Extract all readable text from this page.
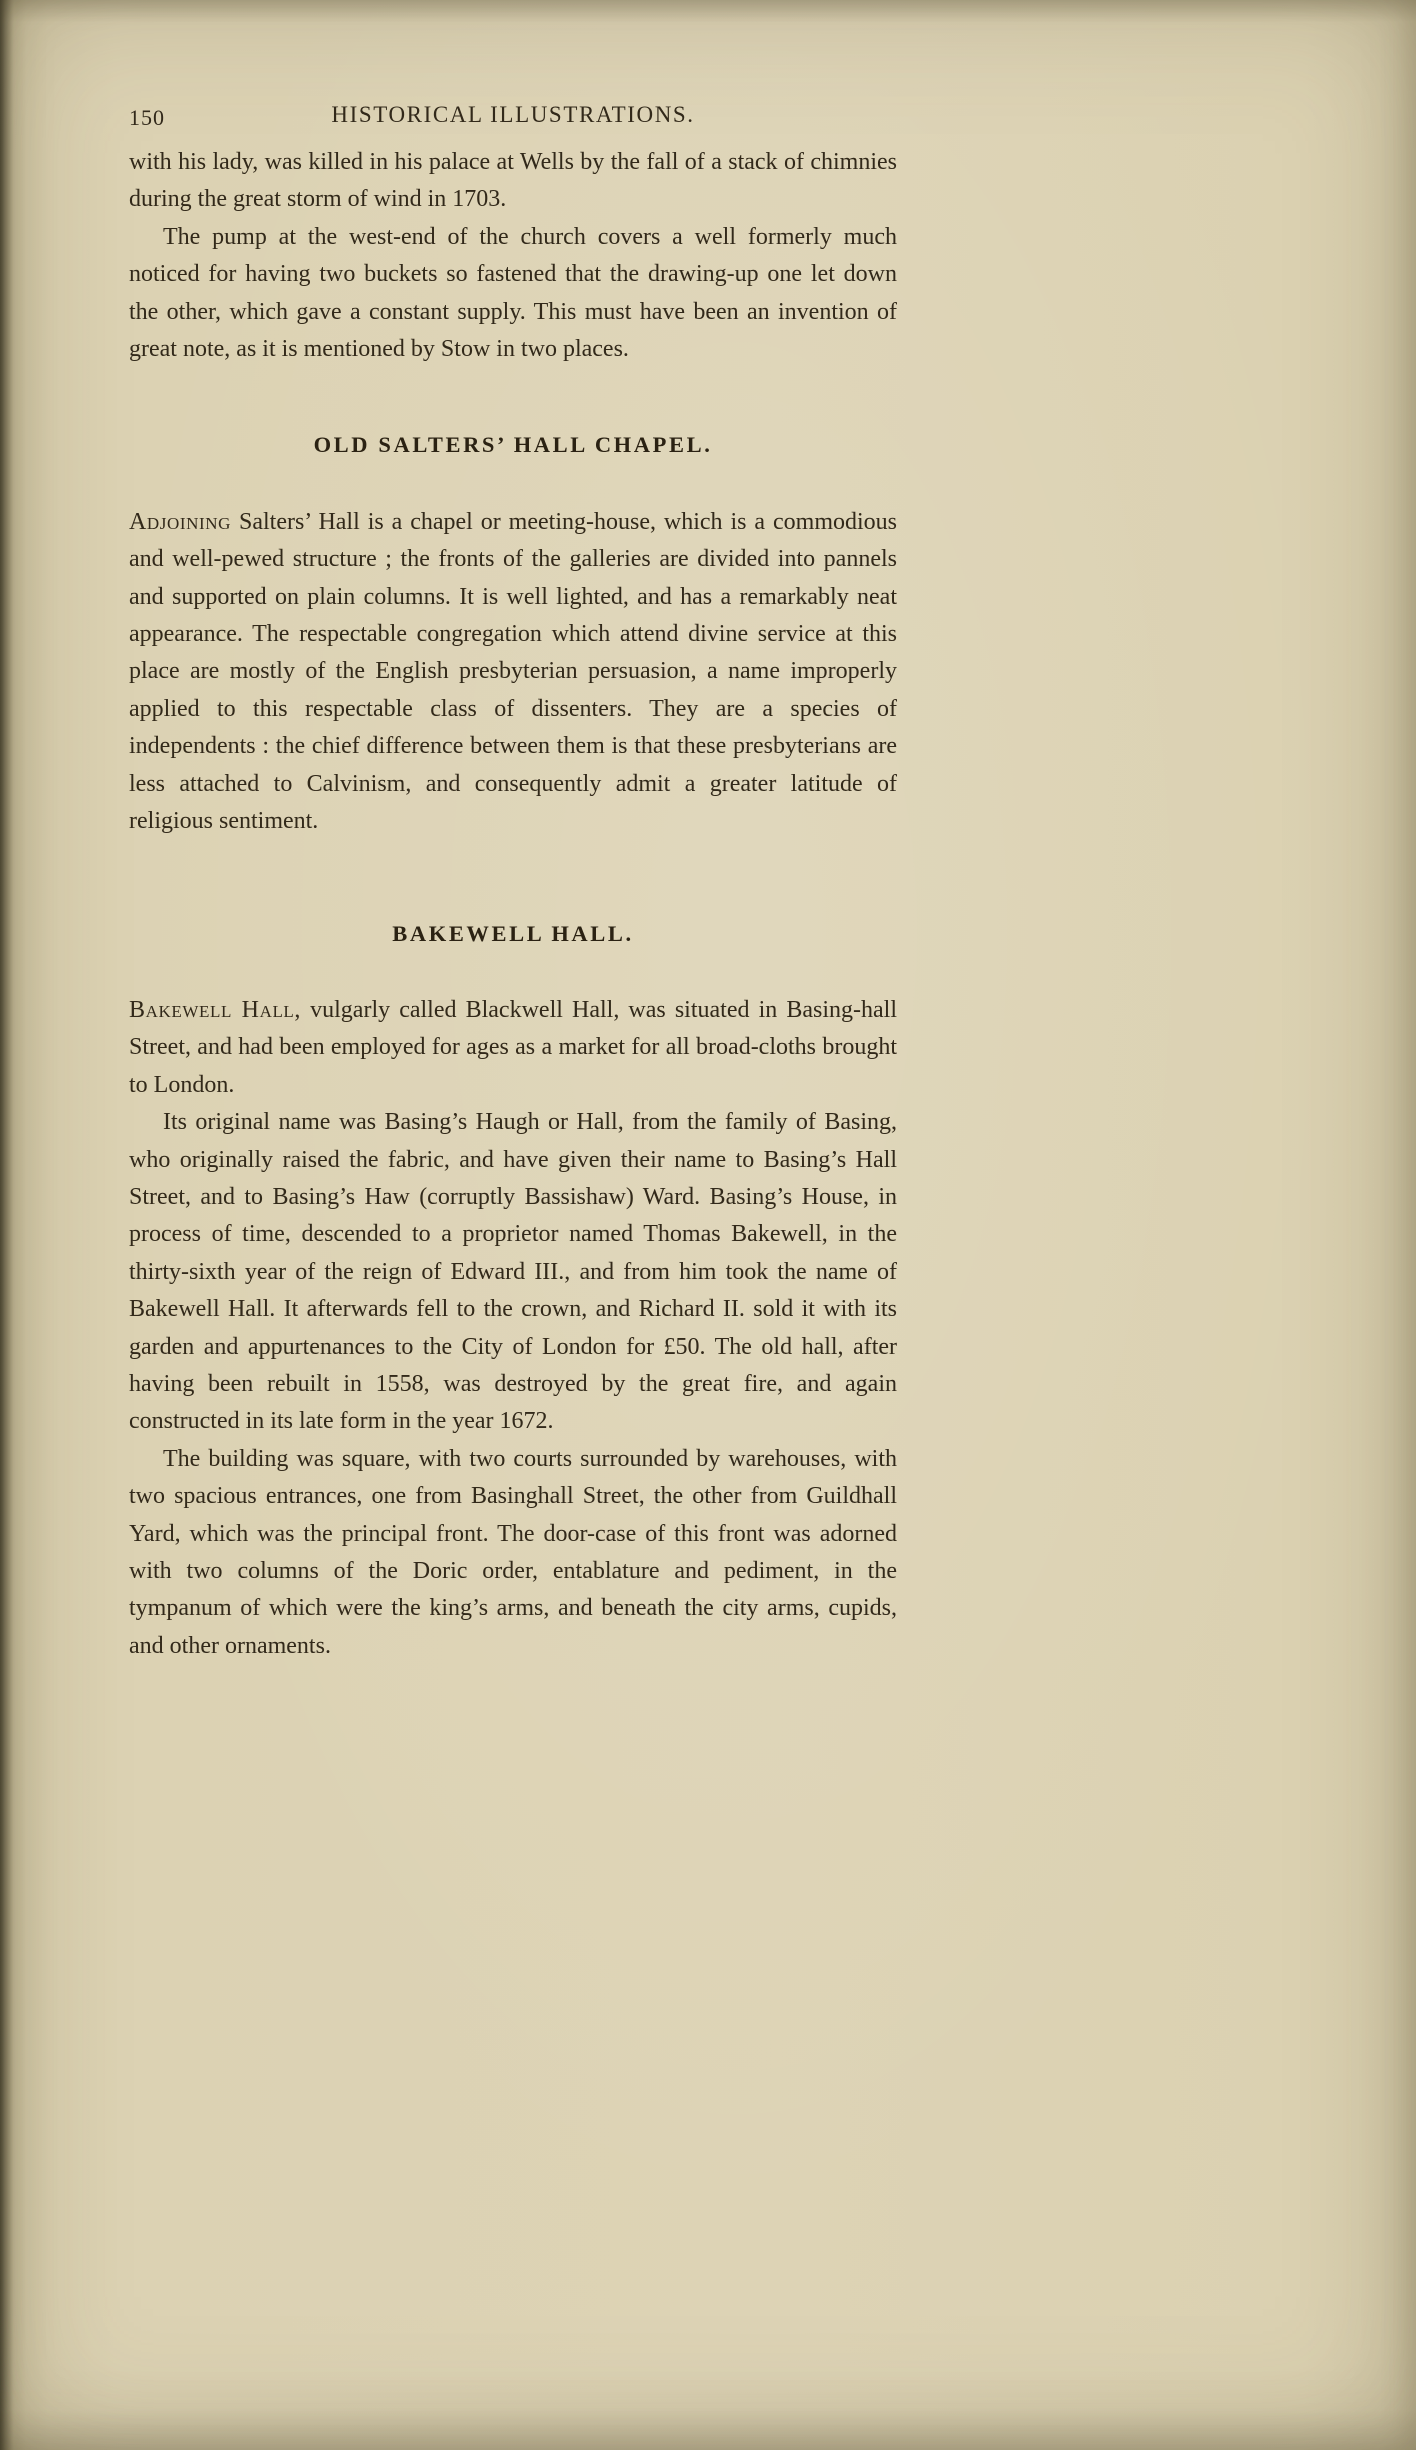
150	HISTORICAL ILLUSTRATIONS.

with his lady, was killed in his palace at Wells by the fall of a stack of chimnies during the great storm of wind in 1703.

The pump at the west-end of the church covers a well formerly much noticed for having two buckets so fastened that the drawing-up one let down the other, which gave a constant supply. This must have been an invention of great note, as it is mentioned by Stow in two places.

OLD SALTERS’ HALL CHAPEL.

Adjoining Salters’ Hall is a chapel or meeting-house, which is a commodious and well-pewed structure ; the fronts of the galleries are divided into pannels and supported on plain columns. It is well lighted, and has a remarkably neat appearance. The respectable congregation which attend divine service at this place are mostly of the English presbyterian persuasion, a name improperly applied to this respectable class of dissenters. They are a species of independents : the chief difference between them is that these presbyterians are less attached to Calvinism, and consequently admit a greater latitude of religious sentiment.

BAKEWELL HALL.

Bakewell Hall, vulgarly called Blackwell Hall, was situated in Basing-hall Street, and had been employed for ages as a market for all broad-cloths brought to London.

Its original name was Basing’s Haugh or Hall, from the family of Basing, who originally raised the fabric, and have given their name to Basing’s Hall Street, and to Basing’s Haw (corruptly Bassishaw) Ward. Basing’s House, in process of time, descended to a proprietor named Thomas Bakewell, in the thirty-sixth year of the reign of Edward III., and from him took the name of Bakewell Hall. It afterwards fell to the crown, and Richard II. sold it with its garden and appurtenances to the City of London for £50. The old hall, after having been rebuilt in 1558, was destroyed by the great fire, and again constructed in its late form in the year 1672.

The building was square, with two courts surrounded by warehouses, with two spacious entrances, one from Basinghall Street, the other from Guildhall Yard, which was the principal front. The door-case of this front was adorned with two columns of the Doric order, entablature and pediment, in the tympanum of which were the king’s arms, and beneath the city arms, cupids, and other ornaments.
